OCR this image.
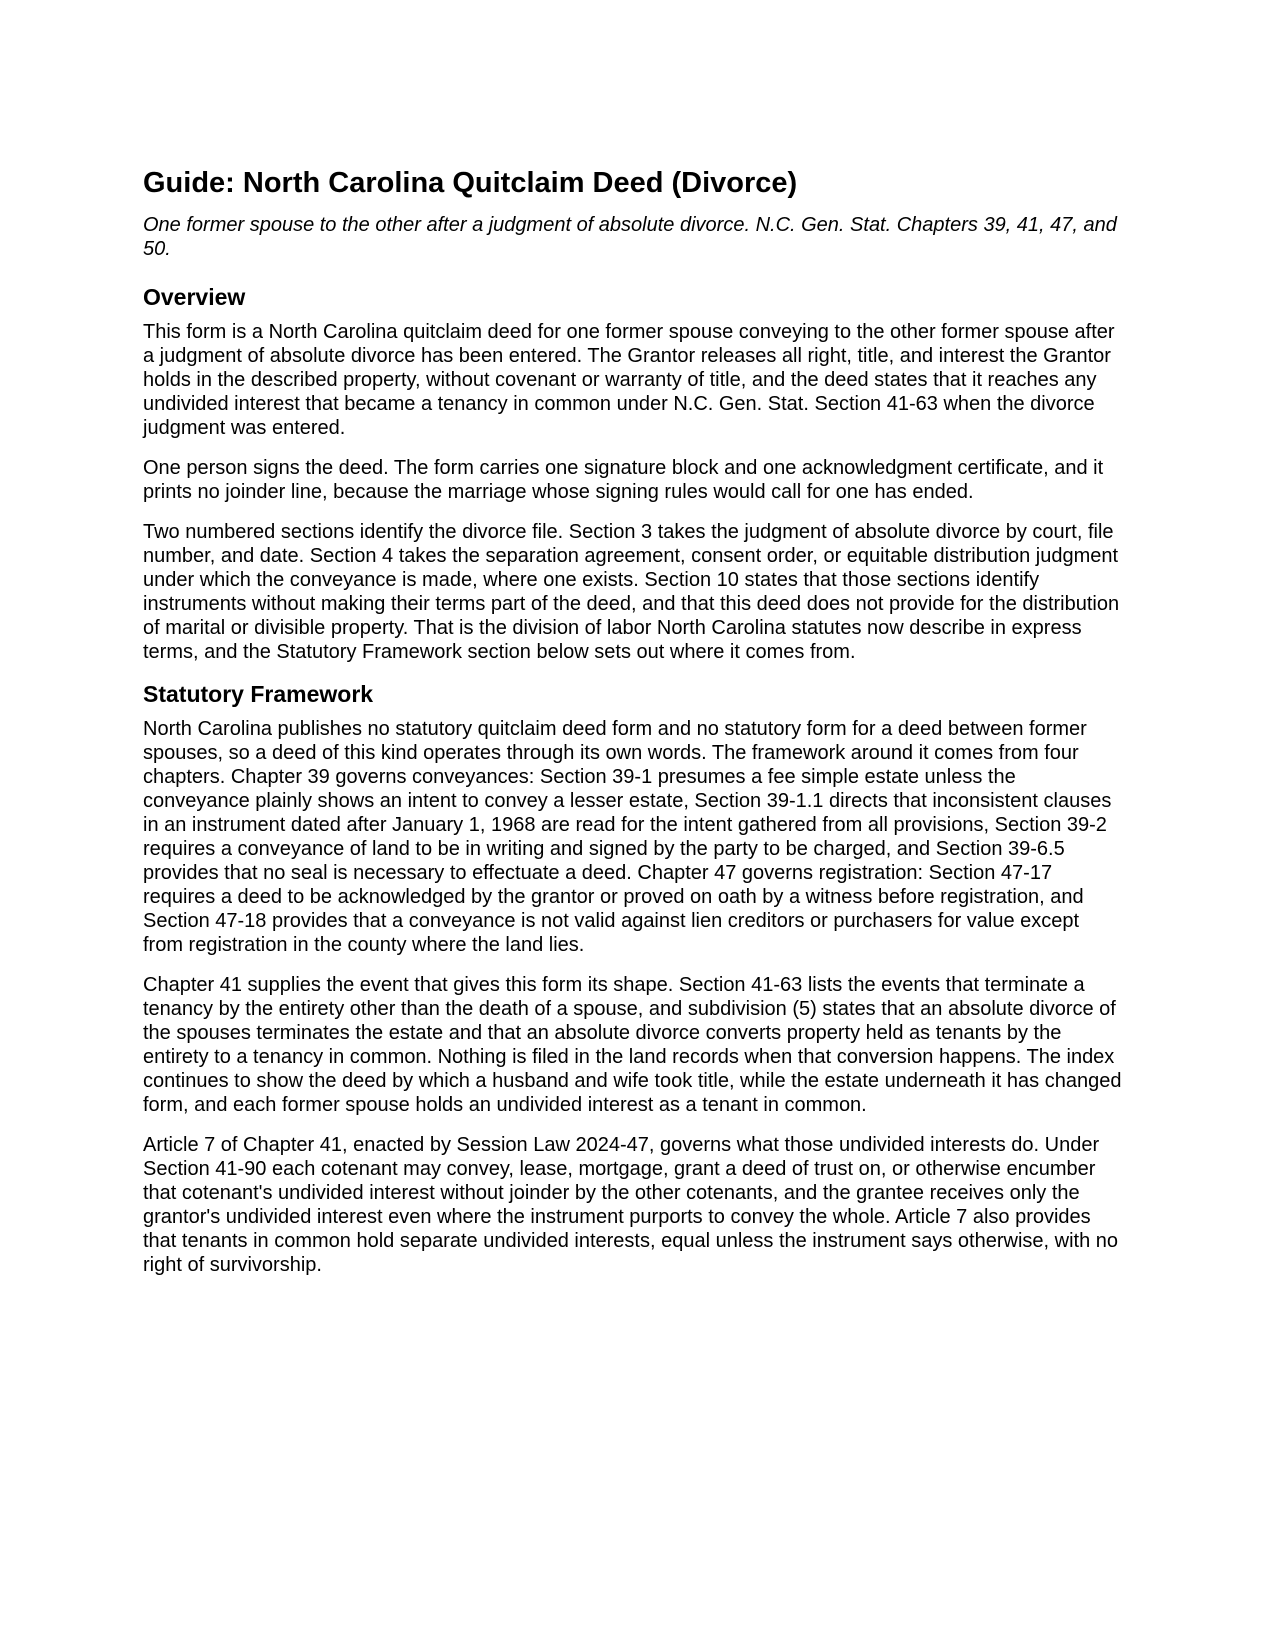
Guide: North Carolina Quitclaim Deed (Divorce)

One former spouse to the other after a judgment of absolute divorce. N.C. Gen. Stat. Chapters 39, 41, 47, and 50.

Overview

This form is a North Carolina quitclaim deed for one former spouse conveying to the other former spouse after a judgment of absolute divorce has been entered. The Grantor releases all right, title, and interest the Grantor holds in the described property, without covenant or warranty of title, and the deed states that it reaches any undivided interest that became a tenancy in common under N.C. Gen. Stat. Section 41-63 when the divorce judgment was entered.

One person signs the deed. The form carries one signature block and one acknowledgment certificate, and it prints no joinder line, because the marriage whose signing rules would call for one has ended.

Two numbered sections identify the divorce file. Section 3 takes the judgment of absolute divorce by court, file number, and date. Section 4 takes the separation agreement, consent order, or equitable distribution judgment under which the conveyance is made, where one exists. Section 10 states that those sections identify instruments without making their terms part of the deed, and that this deed does not provide for the distribution of marital or divisible property. That is the division of labor North Carolina statutes now describe in express terms, and the Statutory Framework section below sets out where it comes from.

Statutory Framework

North Carolina publishes no statutory quitclaim deed form and no statutory form for a deed between former spouses, so a deed of this kind operates through its own words. The framework around it comes from four chapters. Chapter 39 governs conveyances: Section 39-1 presumes a fee simple estate unless the conveyance plainly shows an intent to convey a lesser estate, Section 39-1.1 directs that inconsistent clauses in an instrument dated after January 1, 1968 are read for the intent gathered from all provisions, Section 39-2 requires a conveyance of land to be in writing and signed by the party to be charged, and Section 39-6.5 provides that no seal is necessary to effectuate a deed. Chapter 47 governs registration: Section 47-17 requires a deed to be acknowledged by the grantor or proved on oath by a witness before registration, and Section 47-18 provides that a conveyance is not valid against lien creditors or purchasers for value except from registration in the county where the land lies.

Chapter 41 supplies the event that gives this form its shape. Section 41-63 lists the events that terminate a tenancy by the entirety other than the death of a spouse, and subdivision (5) states that an absolute divorce of the spouses terminates the estate and that an absolute divorce converts property held as tenants by the entirety to a tenancy in common. Nothing is filed in the land records when that conversion happens. The index continues to show the deed by which a husband and wife took title, while the estate underneath it has changed form, and each former spouse holds an undivided interest as a tenant in common.

Article 7 of Chapter 41, enacted by Session Law 2024-47, governs what those undivided interests do. Under Section 41-90 each cotenant may convey, lease, mortgage, grant a deed of trust on, or otherwise encumber that cotenant's undivided interest without joinder by the other cotenants, and the grantee receives only the grantor's undivided interest even where the instrument purports to convey the whole. Article 7 also provides that tenants in common hold separate undivided interests, equal unless the instrument says otherwise, with no right of survivorship.
